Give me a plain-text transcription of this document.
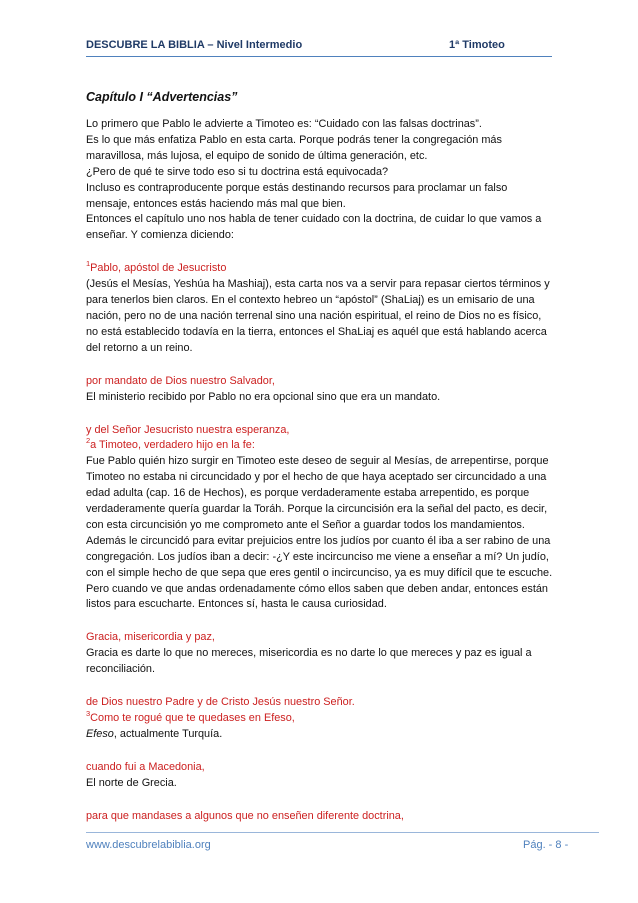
DESCUBRE LA BIBLIA – Nivel Intermedio	1ª Timoteo
Capítulo I “Advertencias”

Lo primero que Pablo le advierte a Timoteo es: “Cuidado con las falsas doctrinas”.
Es lo que más enfatiza Pablo en esta carta. Porque podrás tener la congregación más maravillosa, más lujosa, el equipo de sonido de última generación, etc.
¿Pero de qué te sirve todo eso si tu doctrina está equivocada?
Incluso es contraproducente porque estás destinando recursos para proclamar un falso mensaje, entonces estás haciendo más mal que bien.
Entonces el capítulo uno nos habla de tener cuidado con la doctrina, de cuidar lo que vamos a enseñar. Y comienza diciendo:

$^1$Pablo, apóstol de Jesucristo
(Jesús el Mesías, Yeshúa ha Mashiaj), esta carta nos va a servir para repasar ciertos términos y para tenerlos bien claros. En el contexto hebreo un “apóstol” (ShaLiaj) es un emisario de una nación, pero no de una nación terrenal sino una nación espiritual, el reino de Dios no es físico, no está establecido todavía en la tierra, entonces el ShaLiaj es aquél que está hablando acerca del retorno a un reino.

por mandato de Dios nuestro Salvador,
El ministerio recibido por Pablo no era opcional sino que era un mandato.

y del Señor Jesucristo nuestra esperanza,
$^2$a Timoteo, verdadero hijo en la fe:
Fue Pablo quién hizo surgir en Timoteo este deseo de seguir al Mesías, de arrepentirse, porque Timoteo no estaba ni circuncidado y por el hecho de que haya aceptado ser circuncidado a una edad adulta (cap. 16 de Hechos), es porque verdaderamente estaba arrepentido, es porque verdaderamente quería guardar la Toráh. Porque la circuncisión era la señal del pacto, es decir, con esta circuncisión yo me comprometo ante el Señor a guardar todos los mandamientos.
Además le circuncidó para evitar prejuicios entre los judíos por cuanto él iba a ser rabino de una congregación. Los judíos iban a decir: -¿Y este incircunciso me viene a enseñar a mí? Un judío, con el simple hecho de que sepa que eres gentil o incircunciso, ya es muy difícil que te escuche. Pero cuando ve que andas ordenadamente cómo ellos saben que deben andar, entonces están listos para escucharte. Entonces sí, hasta le causa curiosidad.

Gracia, misericordia y paz,
Gracia es darte lo que no mereces, misericordia es no darte lo que mereces y paz es igual a reconciliación.

de Dios nuestro Padre y de Cristo Jesús nuestro Señor.
$^3$Como te rogué que te quedases en Efeso,
Efeso, actualmente Turquía.

cuando fui a Macedonia,
El norte de Grecia.

para que mandases a algunos que no enseñen diferente doctrina,

www.descubrelabiblia.org	Pág. - 8 -
